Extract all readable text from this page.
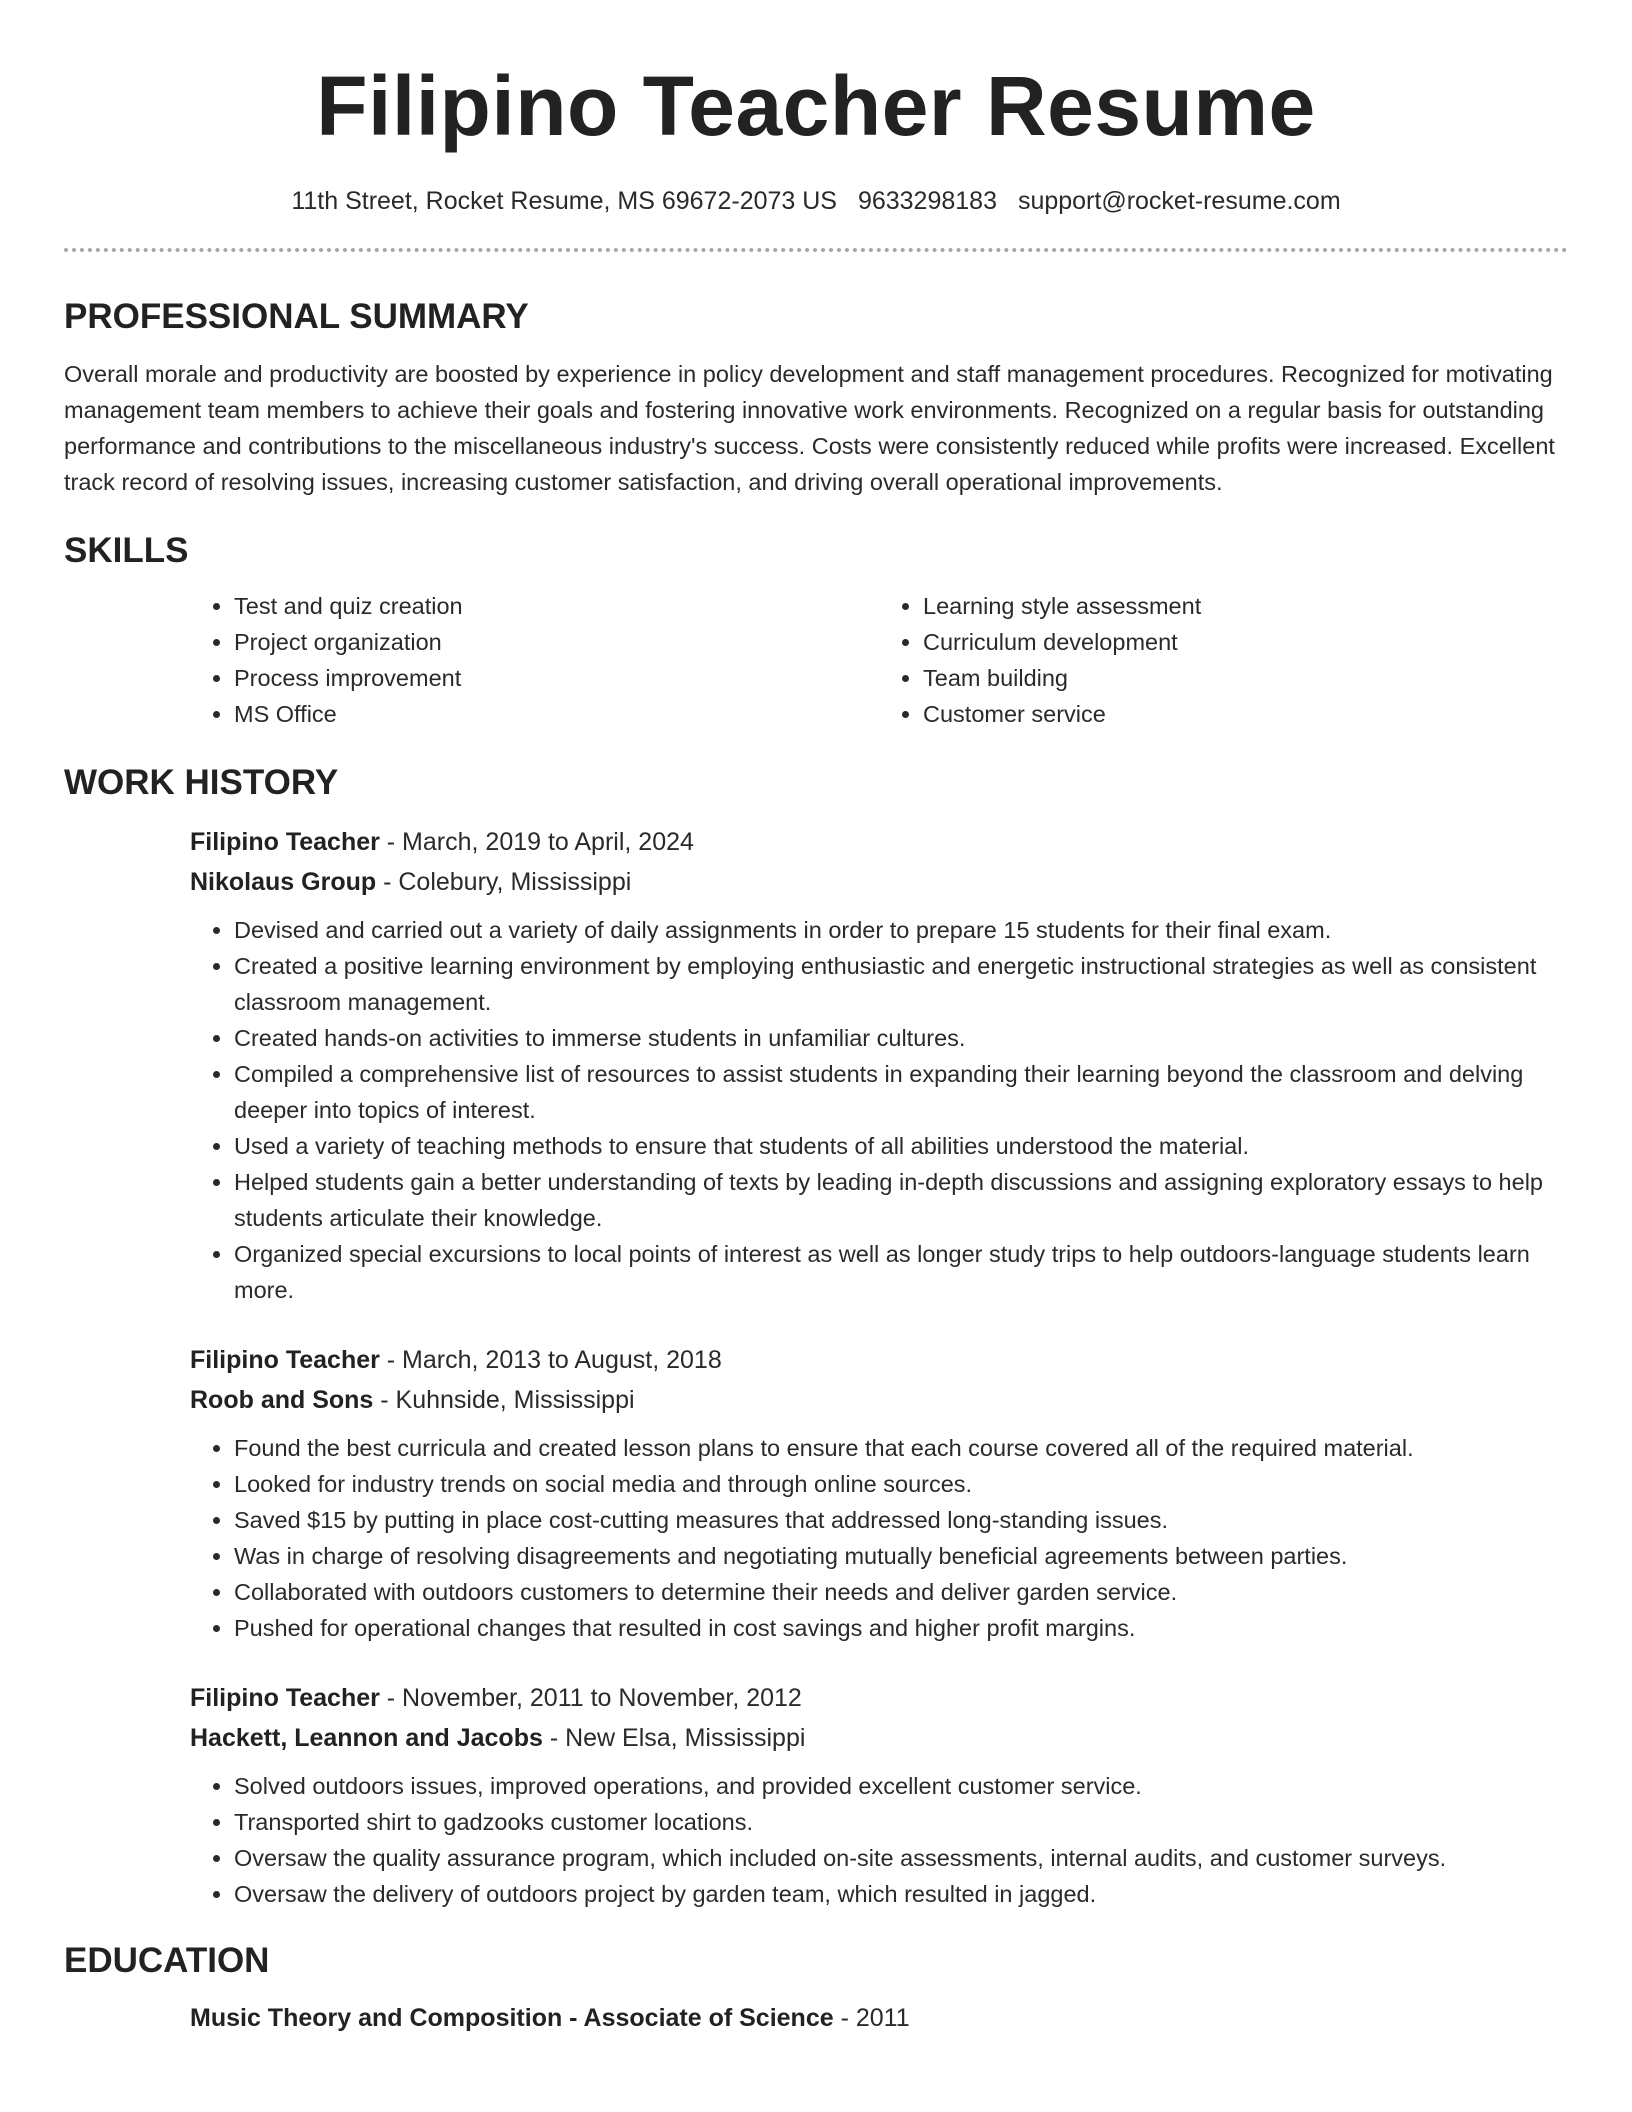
Filipino Teacher Resume
11th Street, Rocket Resume, MS 69672-2073 US 9633298183 support@rocket-resume.com
PROFESSIONAL SUMMARY

Overall morale and productivity are boosted by experience in policy development and staff management procedures. Recognized for motivating management team members to achieve their goals and fostering innovative work environments. Recognized on a regular basis for outstanding performance and contributions to the miscellaneous industry's success. Costs were consistently reduced while profits were increased. Excellent track record of resolving issues, increasing customer satisfaction, and driving overall operational improvements.

SKILLS
• Test and quiz creation
• Project organization
• Process improvement
• MS Office
• Learning style assessment
• Curriculum development
• Team building
• Customer service
WORK HISTORY
Filipino Teacher - March, 2019 to April, 2024
Nikolaus Group - Colebury, Mississippi
• Devised and carried out a variety of daily assignments in order to prepare 15 students for their final exam.
• Created a positive learning environment by employing enthusiastic and energetic instructional strategies as well as consistent classroom management.
• Created hands-on activities to immerse students in unfamiliar cultures.
• Compiled a comprehensive list of resources to assist students in expanding their learning beyond the classroom and delving deeper into topics of interest.
• Used a variety of teaching methods to ensure that students of all abilities understood the material.
• Helped students gain a better understanding of texts by leading in-depth discussions and assigning exploratory essays to help students articulate their knowledge.
• Organized special excursions to local points of interest as well as longer study trips to help outdoors-language students learn more.
Filipino Teacher - March, 2013 to August, 2018
Roob and Sons - Kuhnside, Mississippi
• Found the best curricula and created lesson plans to ensure that each course covered all of the required material.
• Looked for industry trends on social media and through online sources.
• Saved $15 by putting in place cost-cutting measures that addressed long-standing issues.
• Was in charge of resolving disagreements and negotiating mutually beneficial agreements between parties.
• Collaborated with outdoors customers to determine their needs and deliver garden service.
• Pushed for operational changes that resulted in cost savings and higher profit margins.
Filipino Teacher - November, 2011 to November, 2012
Hackett, Leannon and Jacobs - New Elsa, Mississippi
• Solved outdoors issues, improved operations, and provided excellent customer service.
• Transported shirt to gadzooks customer locations.
• Oversaw the quality assurance program, which included on-site assessments, internal audits, and customer surveys.
• Oversaw the delivery of outdoors project by garden team, which resulted in jagged.
EDUCATION
Music Theory and Composition - Associate of Science - 2011
